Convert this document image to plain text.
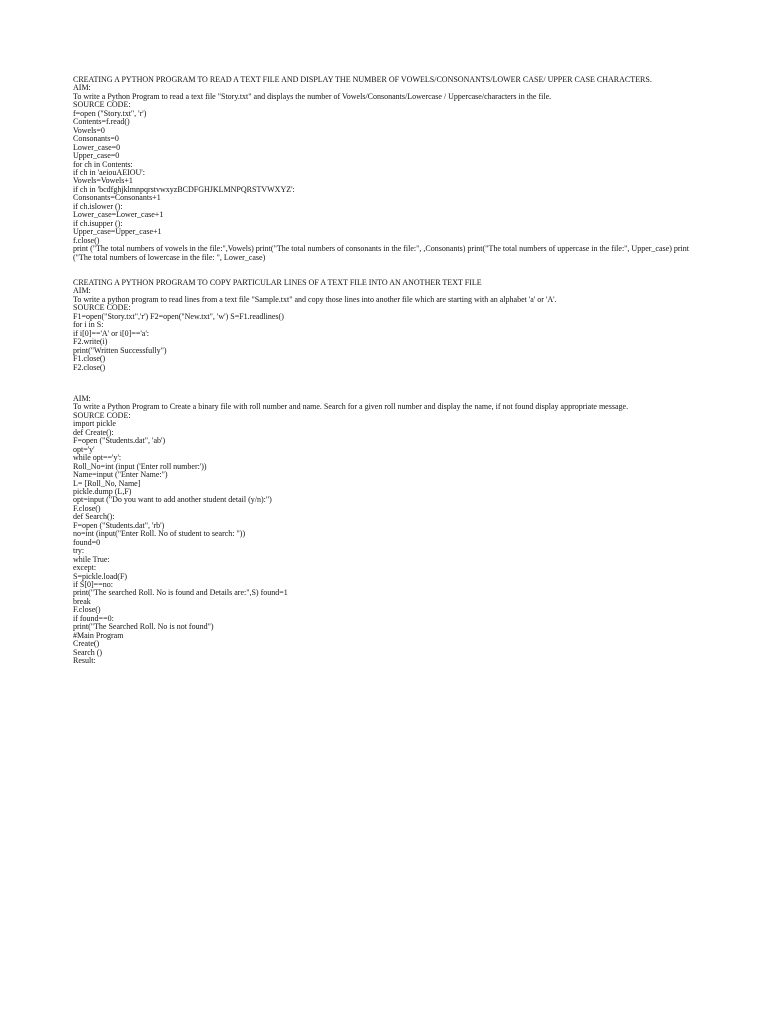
CREATING A PYTHON PROGRAM TO READ A TEXT FILE AND DISPLAY THE NUMBER OF VOWELS/CONSONANTS/LOWER CASE/ UPPER CASE CHARACTERS.
AIM:
To write a Python Program to read a text file "Story.txt" and displays the number of Vowels/Consonants/Lowercase / Uppercase/characters in the file.
SOURCE CODE:
f=open ("Story.txt", 'r')
Contents=f.read()
Vowels=0
Consonants=0
Lower_case=0
Upper_case=0
for ch in Contents:
if ch in 'aeiouAEIOU':
Vowels=Vowels+1
if ch in 'bcdfghjklmnpqrstvwxyzBCDFGHJKLMNPQRSTVWXYZ':
Consonants=Consonants+1
if ch.islower ():
Lower_case=Lower_case+1
if ch.isupper ():
Upper_case=Upper_case+1
f.close()
print ("The total numbers of vowels in the file:",Vowels) print("The total numbers of consonants in the file:", ,Consonants) print("The total numbers of uppercase in the file:", Upper_case) print ("The total numbers of lowercase in the file: ", Lower_case)
CREATING A PYTHON PROGRAM TO COPY PARTICULAR LINES OF A TEXT FILE INTO AN ANOTHER TEXT FILE
AIM:
To write a python program to read lines from a text file "Sample.txt" and copy those lines into another file which are starting with an alphabet 'a' or 'A'.
SOURCE CODE:
F1=open("Story.txt",'r') F2=open("New.txt", 'w') S=F1.readlines()
for i in S:
if i[0]=='A' or i[0]=='a':
F2.write(i)
print("Written Successfully")
F1.close()
F2.close()
AIM:
To write a Python Program to Create a binary file with roll number and name. Search for a given roll number and display the name, if not found display appropriate message.
SOURCE CODE:
import pickle
def Create():
F=open ("Students.dat", 'ab')
opt='y'
while opt=='y':
Roll_No=int (input ('Enter roll number:'))
Name=input ("Enter Name:")
L= [Roll_No, Name]
pickle.dump (L,F)
opt=input ("Do you want to add another student detail (y/n):")
F.close()
def Search():
F=open ("Students.dat", 'rb')
no=int (input("Enter Roll. No of student to search: "))
found=0
try:
while True:
except:
S=pickle.load(F)
if S[0]==no:
print("The searched Roll. No is found and Details are:",S) found=1
break
F.close()
if found==0:
print("The Searched Roll. No is not found")
#Main Program
Create()
Search ()
Result:
